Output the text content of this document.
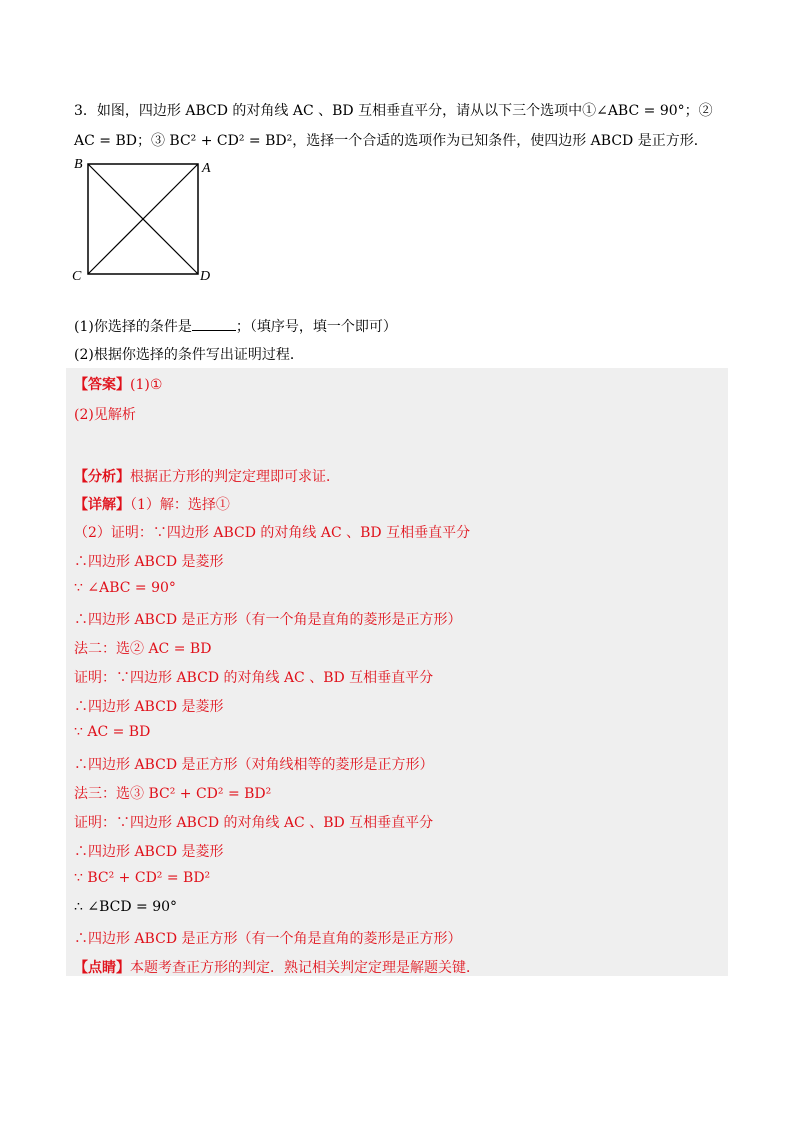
3．如图，四边形 ABCD 的对角线 AC 、BD 互相垂直平分，请从以下三个选项中①∠ABC = 90°；②
AC = BD；③ BC² + CD² = BD²，选择一个合适的选项作为已知条件，使四边形 ABCD 是正方形．
B	A
C	D
(1)你选择的条件是	；（填序号，填一个即可）
(2)根据你选择的条件写出证明过程．
【答案】(1)①
(2)见解析
【分析】根据正方形的判定定理即可求证．
【详解】（1）解：选择①
（2）证明：∵四边形 ABCD 的对角线 AC 、BD 互相垂直平分
∴四边形 ABCD 是菱形
∵ ∠ABC = 90°
∴四边形 ABCD 是正方形（有一个角是直角的菱形是正方形）
法二：选② AC = BD
证明：∵四边形 ABCD 的对角线 AC 、BD 互相垂直平分
∴四边形 ABCD 是菱形
∵ AC = BD
∴四边形 ABCD 是正方形（对角线相等的菱形是正方形）
法三：选③ BC² + CD² = BD²
证明：∵四边形 ABCD 的对角线 AC 、BD 互相垂直平分
∴四边形 ABCD 是菱形
∵ BC² + CD² = BD²
∴ ∠BCD = 90°
∴四边形 ABCD 是正方形（有一个角是直角的菱形是正方形）
【点睛】本题考查正方形的判定．熟记相关判定定理是解题关键．
